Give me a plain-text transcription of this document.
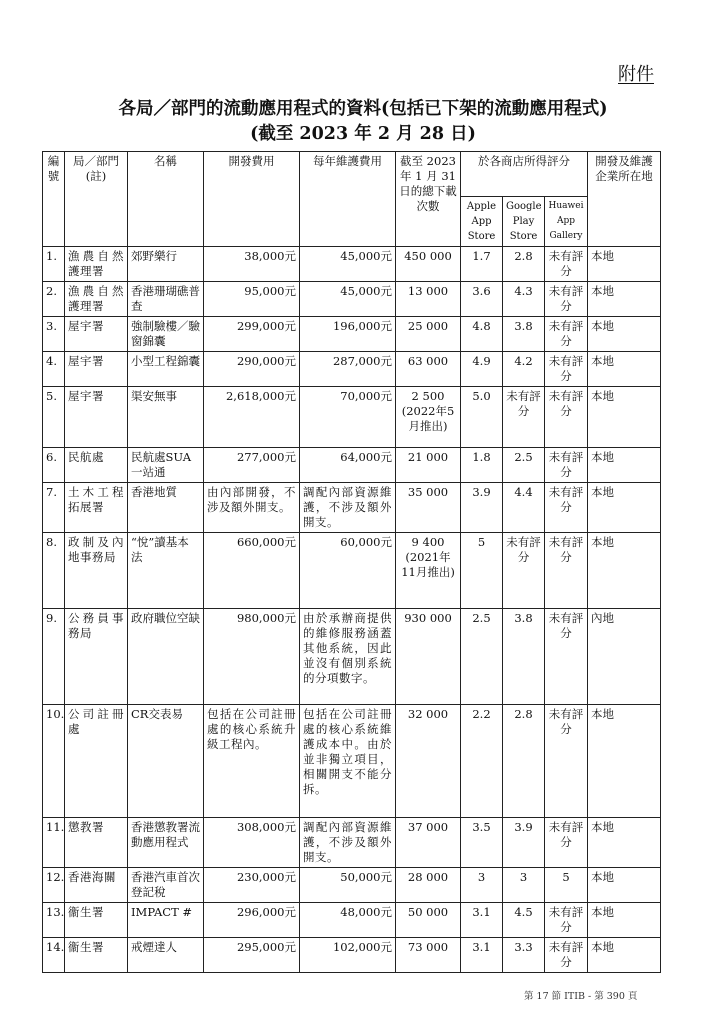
附件
各局／部門的流動應用程式的資料(包括已下架的流動應用程式)
(截至 2023 年 2 月 28 日)
編號	局／部門(註)	名稱	開發費用	每年維護費用	截至 2023 年 1 月 31 日的總下載次數	於各商店所得評分			開發及維護企業所在地
						Apple App Store	Google Play Store	Huawei App Gallery	
1.	漁農自然護理署	郊野樂行	38,000元	45,000元	450 000	1.7	2.8	未有評分	本地
2.	漁農自然護理署	香港珊瑚礁普查	95,000元	45,000元	13 000	3.6	4.3	未有評分	本地
3.	屋宇署	強制驗樓／驗窗錦囊	299,000元	196,000元	25 000	4.8	3.8	未有評分	本地
4.	屋宇署	小型工程錦囊	290,000元	287,000元	63 000	4.9	4.2	未有評分	本地
5.	屋宇署	渠安無事	2,618,000元	70,000元	2 500 (2022年5月推出)	5.0	未有評分	未有評分	本地
6.	民航處	民航處SUA一站通	277,000元	64,000元	21 000	1.8	2.5	未有評分	本地
7.	土木工程拓展署	香港地質	由內部開發，不涉及額外開支。	調配內部資源維護，不涉及額外開支。	35 000	3.9	4.4	未有評分	本地
8.	政制及內地事務局	“悅”讀基本法	660,000元	60,000元	9 400 (2021年11月推出)	5	未有評分	未有評分	本地
9.	公務員事務局	政府職位空缺	980,000元	由於承辦商提供的維修服務涵蓋其他系統，因此並沒有個別系統的分項數字。	930 000	2.5	3.8	未有評分	內地
10.	公司註冊處	CR交表易	包括在公司註冊處的核心系統升級工程內。	包括在公司註冊處的核心系統維護成本中。由於並非獨立項目，相關開支不能分拆。	32 000	2.2	2.8	未有評分	本地
11.	懲教署	香港懲教署流動應用程式	308,000元	調配內部資源維護，不涉及額外開支。	37 000	3.5	3.9	未有評分	本地
12.	香港海關	香港汽車首次登記稅	230,000元	50,000元	28 000	3	3	5	本地
13.	衞生署	IMPACT #	296,000元	48,000元	50 000	3.1	4.5	未有評分	本地
14.	衞生署	戒煙達人	295,000元	102,000元	73 000	3.1	3.3	未有評分	本地
第 17 節 ITIB - 第 390 頁
